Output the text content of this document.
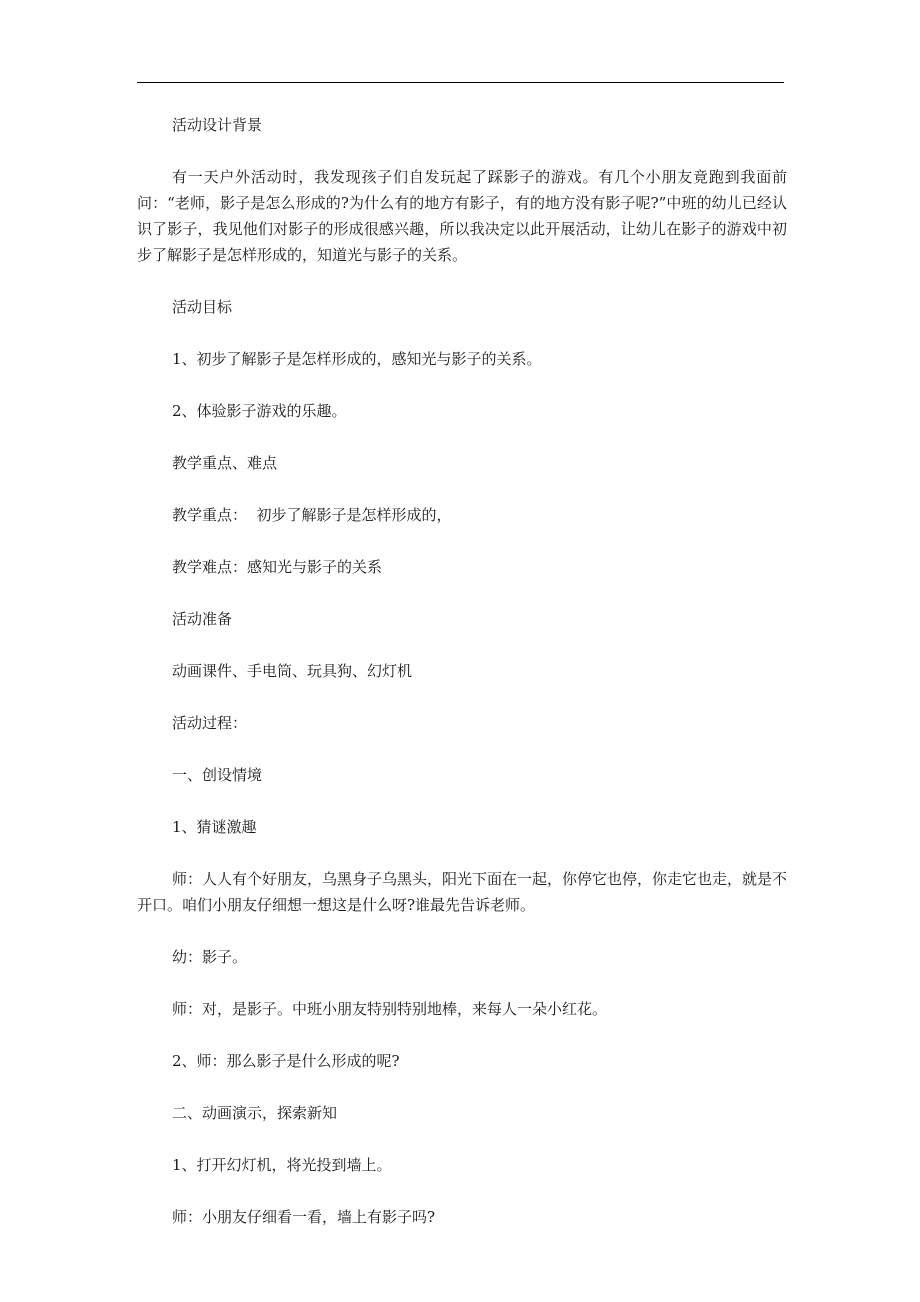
活动设计背景

有一天户外活动时，我发现孩子们自发玩起了踩影子的游戏。有几个小朋友竟跑到我面前问：“老师，影子是怎么形成的?为什么有的地方有影子，有的地方没有影子呢?”中班的幼儿已经认识了影子，我见他们对影子的形成很感兴趣，所以我决定以此开展活动，让幼儿在影子的游戏中初步了解影子是怎样形成的，知道光与影子的关系。

活动目标

1、初步了解影子是怎样形成的，感知光与影子的关系。

2、体验影子游戏的乐趣。

教学重点、难点

教学重点：  初步了解影子是怎样形成的，

教学难点：感知光与影子的关系

活动准备

动画课件、手电筒、玩具狗、幻灯机

活动过程：

一、创设情境

1、猜谜激趣

师：人人有个好朋友，乌黑身子乌黑头，阳光下面在一起，你停它也停，你走它也走，就是不开口。咱们小朋友仔细想一想这是什么呀?谁最先告诉老师。

幼：影子。

师：对，是影子。中班小朋友特别特别地棒，来每人一朵小红花。

2、师：那么影子是什么形成的呢?

二、动画演示，探索新知

1、打开幻灯机，将光投到墙上。

师：小朋友仔细看一看，墙上有影子吗?
